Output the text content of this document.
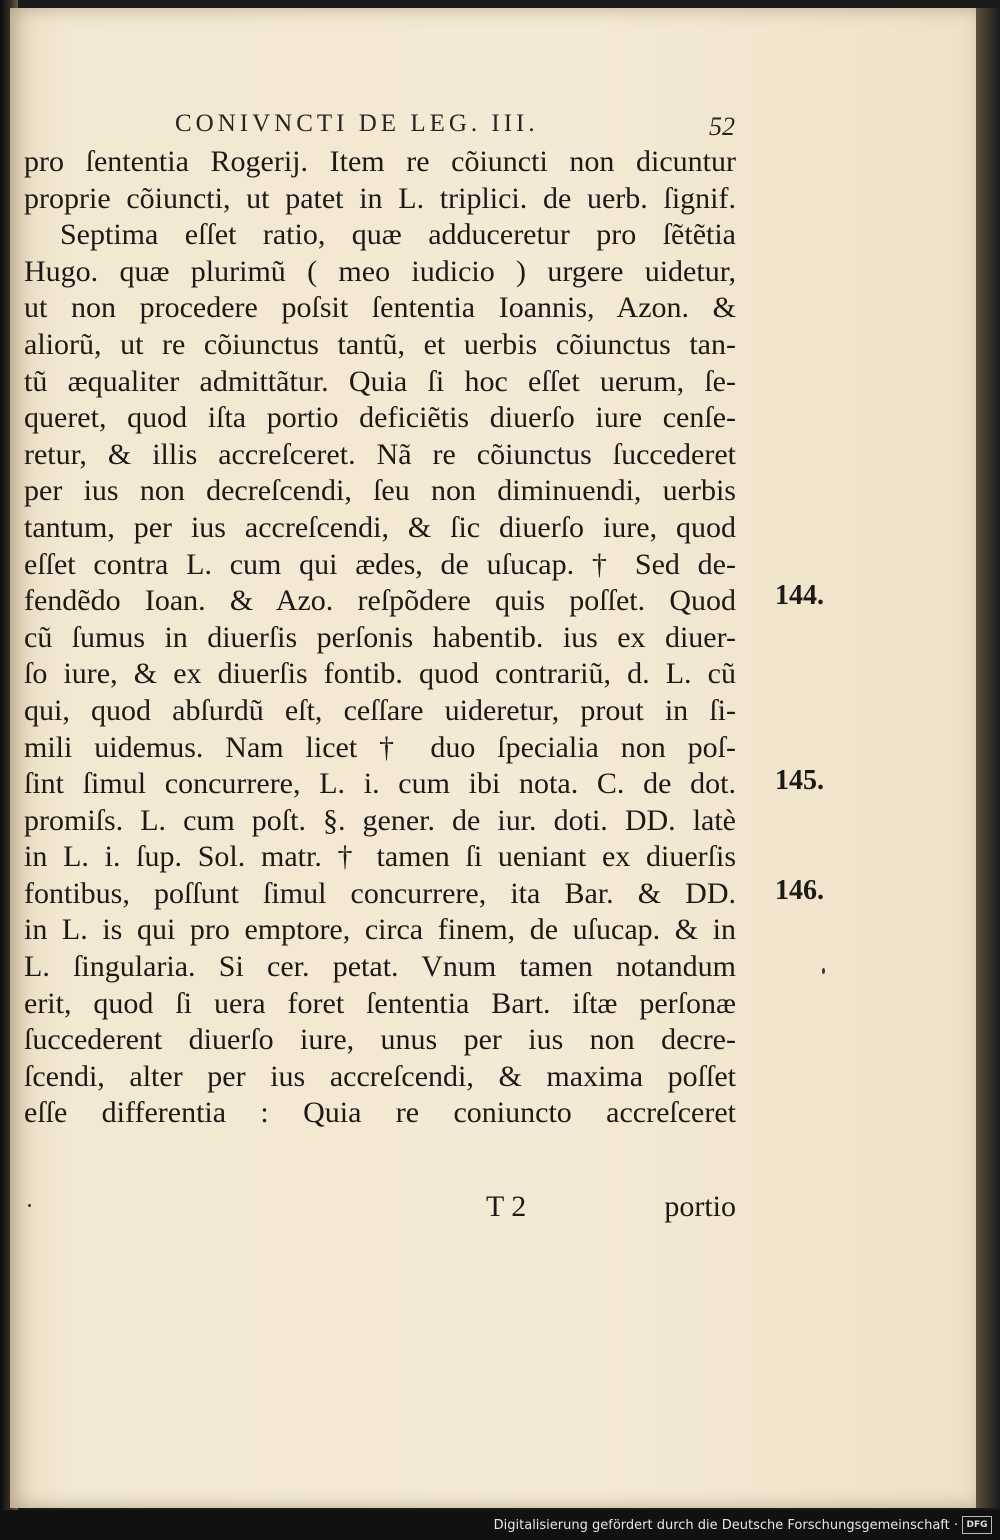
CONIVNCTI DE LEG. III.	52
pro ſententia Rogerij. Item re cõiuncti non dicuntur
proprie cõiuncti, ut patet in L. triplici. de uerb. ſignif.
Septima eſſet ratio, quæ adduceretur pro ſẽtẽtia
Hugo. quæ plurimũ ( meo iudicio ) urgere uidetur,
ut non procedere poſsit ſententia Ioannis, Azon. &
aliorũ, ut re cõiunctus tantũ, et uerbis cõiunctus tan-
tũ æqualiter admittãtur. Quia ſi hoc eſſet uerum, ſe-
queret, quod iſta portio deficiẽtis diuerſo iure cenſe-
retur, & illis accreſceret. Nã re cõiunctus ſuccederet
per ius non decreſcendi, ſeu non diminuendi, uerbis
tantum, per ius accreſcendi, & ſic diuerſo iure, quod
eſſet contra L. cum qui ædes, de uſucap. † Sed de-
fendẽdo Ioan. & Azo. reſpõdere quis poſſet. Quod
cũ ſumus in diuerſis perſonis habentib. ius ex diuer-
ſo iure, & ex diuerſis fontib. quod contrariũ, d. L. cũ
qui, quod abſurdũ eſt, ceſſare uideretur, prout in ſi-
mili uidemus. Nam licet † duo ſpecialia non poſ-
ſint ſimul concurrere, L. i. cum ibi nota. C. de dot.
promiſs. L. cum poſt. §. gener. de iur. doti. DD. latè
in L. i. ſup. Sol. matr. † tamen ſi ueniant ex diuerſis
fontibus, poſſunt ſimul concurrere, ita Bar. & DD.
in L. is qui pro emptore, circa finem, de uſucap. & in
L. ſingularia. Si cer. petat. Vnum tamen notandum
erit, quod ſi uera foret ſententia Bart. iſtæ perſonæ
ſuccederent diuerſo iure, unus per ius non decre-
ſcendi, alter per ius accreſcendi, & maxima poſſet
eſſe differentia : Quia re coniuncto accreſceret
T 2	portio
144.
145.
146.
Digitalisierung gefördert durch die Deutsche Forschungsgemeinschaft · DFG
